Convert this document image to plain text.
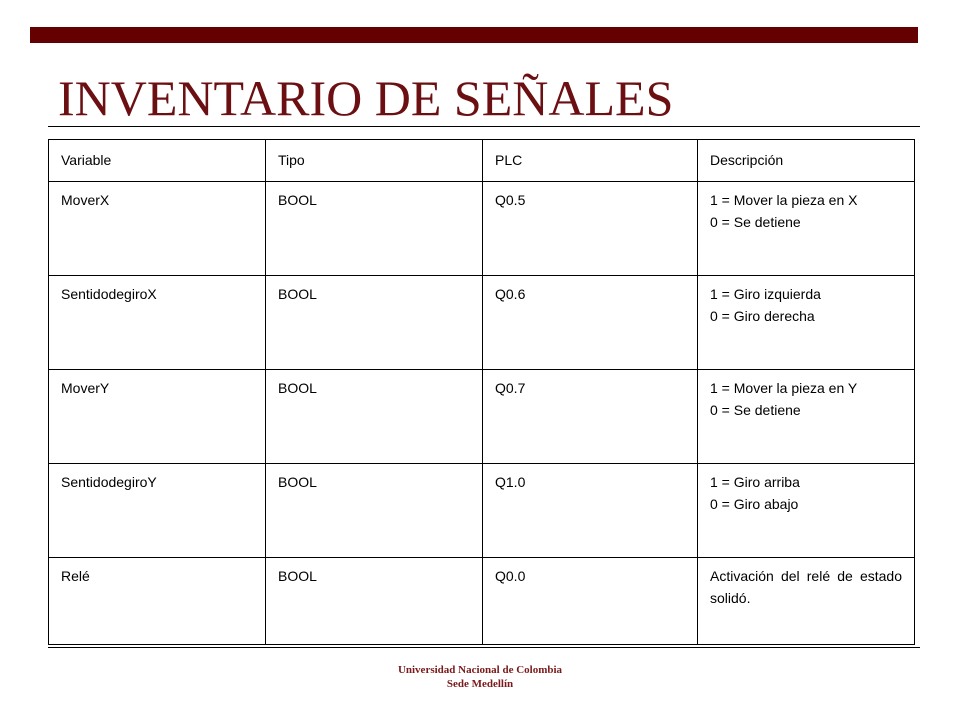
INVENTARIO DE SEÑALES
Variable	Tipo	PLC	Descripción
MoverX	BOOL	Q0.5	1 = Mover la pieza en X
0 = Se detiene

SentidodegiroX	BOOL	Q0.6	1 = Giro izquierda
0 = Giro derecha

MoverY	BOOL	Q0.7	1 = Mover la pieza en Y
0 = Se detiene

SentidodegiroY	BOOL	Q1.0	1 = Giro arriba
0 = Giro abajo

Relé	BOOL	Q0.0	Activación del relé de estado solidó.
Universidad Nacional de Colombia
Sede Medellín
